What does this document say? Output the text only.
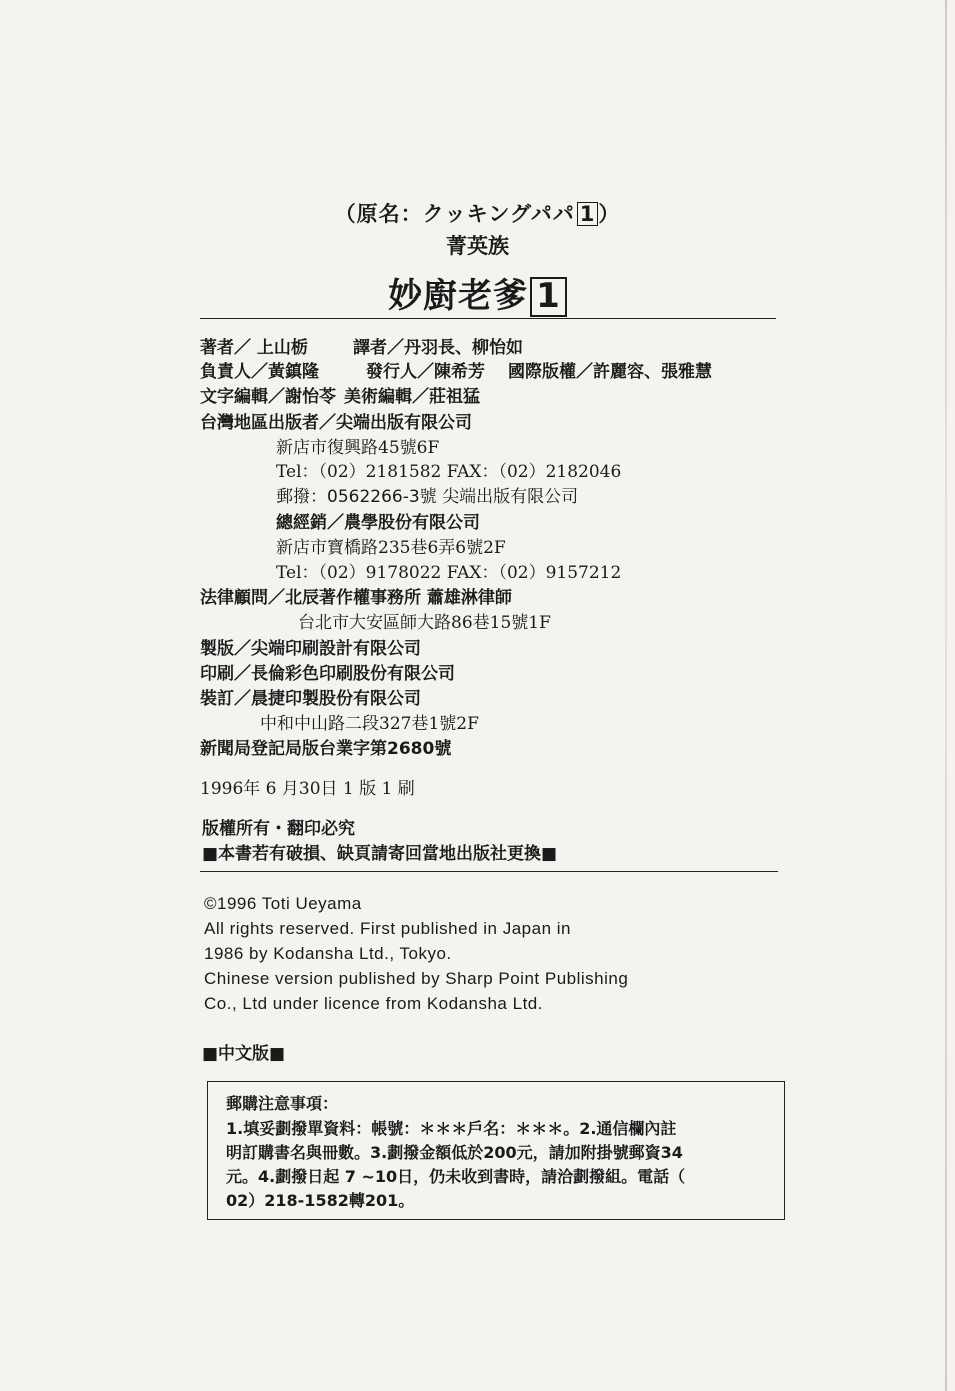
（原名：クッキングパパ 1 ）
菁英族
妙廚老爹 1
著者／ 上山栃	譯者／丹羽長、柳怡如
負責人／黃鎮隆	發行人／陳希芳 國際版權／許麗容、張雅慧
文字編輯／謝怡苓 美術編輯／莊祖猛
台灣地區出版者／尖端出版有限公司
新店市復興路45號6F
Tel：（02）2181582 FAX：（02）2182046
郵撥：0562266-3號 尖端出版有限公司
總經銷／農學股份有限公司
新店市寶橋路235巷6弄6號2F
Tel：（02）9178022 FAX：（02）9157212
法律顧問／北辰著作權事務所 蕭雄淋律師
台北市大安區師大路86巷15號1F
製版／尖端印刷設計有限公司
印刷／長倫彩色印刷股份有限公司
裝訂／晨捷印製股份有限公司
中和中山路二段327巷1號2F
新聞局登記局版台業字第2680號
1996年 6 月30日 1 版 1 刷
版權所有・翻印必究
■本書若有破損、缺頁請寄回當地出版社更換■
©1996 Toti Ueyama
All rights reserved. First published in Japan in
1986 by Kodansha Ltd., Tokyo.
Chinese version published by Sharp Point Publishing
Co., Ltd under licence from Kodansha Ltd.
■中文版■
郵購注意事項：
1.填妥劃撥單資料：帳號：＊＊＊戶名：＊＊＊。2.通信欄內註
明訂購書名與冊數。3.劃撥金額低於200元，請加附掛號郵資34
元。4.劃撥日起 7 ~10日，仍未收到書時，請洽劃撥組。電話（
02）218-1582轉201。
